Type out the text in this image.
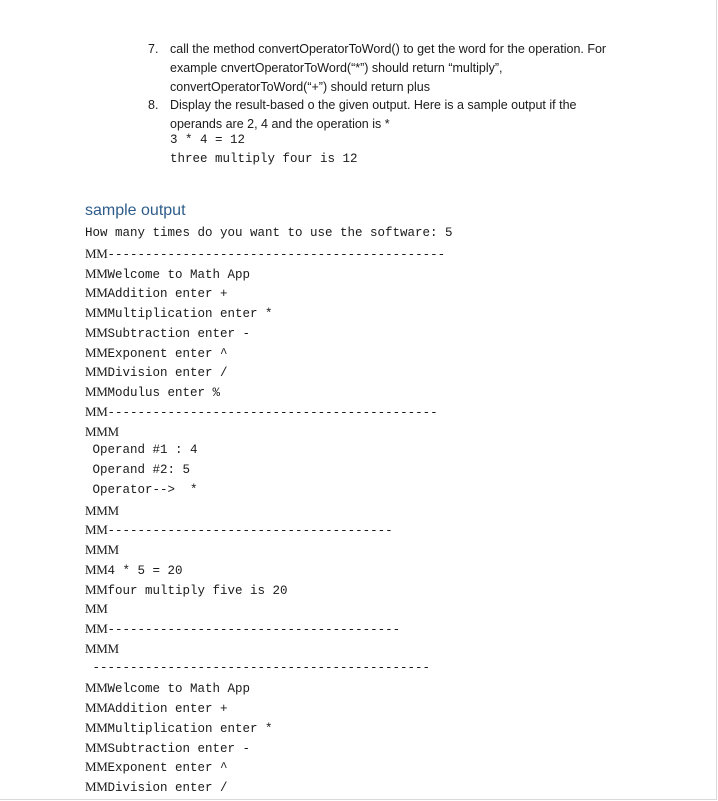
7. call the method convertOperatorToWord() to get the word for the operation. For
example cnvertOperatorToWord(“*”) should return “multiply”,
convertOperatorToWord(“+”) should return plus
8. Display the result-based o the given output. Here is a sample output if the
operands are 2, 4 and the operation is *
3 * 4 = 12
three multiply four is 12
sample output
How many times do you want to use the software: 5
MM---------------------------------------------
MMWelcome to Math App
MMAddition enter +
MMMultiplication enter *
MMSubtraction enter -
MMExponent enter ^
MMDivision enter /
MMModulus enter %
MM--------------------------------------------
MMM
Operand #1 : 4
Operand #2: 5
Operator-->  *
MMM
MM--------------------------------------
MMM
MM4 * 5 = 20
MMfour multiply five is 20
MM
MM---------------------------------------
MMM
---------------------------------------------
MMWelcome to Math App
MMAddition enter +
MMMultiplication enter *
MMSubtraction enter -
MMExponent enter ^
MMDivision enter /
